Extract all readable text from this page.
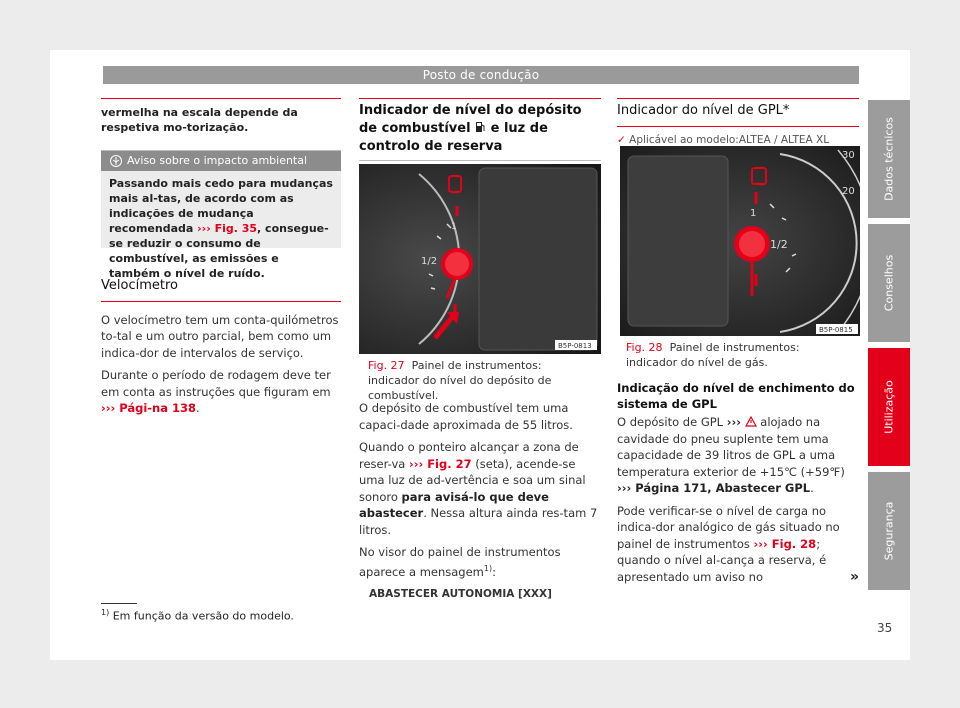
Posto de condução
Dados técnicos
Conselhos
Utilização
Segurança

vermelha na escala depende da respetiva mo-torização.

Aviso sobre o impacto ambiental
Passando mais cedo para mudanças mais al-tas, de acordo com as indicações de mudança recomendada ››› Fig. 35, consegue-se reduzir o consumo de combustível, as emissões e também o nível de ruído.
Velocímetro

O velocímetro tem um conta-quilómetros to-tal e um outro parcial, bem como um indica-dor de intervalos de serviço.

Durante o período de rodagem deve ter em conta as instruções que figuram em ››› Pági-na 138.

Indicador de nível do depósito de combustível e luz de controlo de reserva
1
1/2
B5P-0813
Fig. 27 Painel de instrumentos: indicador do nível do depósito de combustível.

O depósito de combustível tem uma capaci-dade aproximada de 55 litros.

Quando o ponteiro alcançar a zona de reser-va ››› Fig. 27 (seta), acende-se uma luz de ad-vertência e soa um sinal sonoro para avisá-lo que deve abastecer. Nessa altura ainda res-tam 7 litros.

No visor do painel de instrumentos aparece a mensagem$^{1)}$:

ABASTECER AUTONOMIA [XXX]

Indicador do nível de GPL*
✓ Aplicável ao modelo:ALTEA / ALTEA XL
1
1/2
30
20
B5P-0815
Fig. 28 Painel de instrumentos: indicador do nível de gás.
Indicação do nível de enchimento do sistema de GPL

O depósito de GPL ›››  alojado na cavidade do pneu suplente tem uma capacidade de 39 litros de GPL a uma temperatura exterior de +15℃ (+59℉) ››› Página 171, Abastecer GPL.

Pode verificar-se o nível de carga no indica-dor analógico de gás situado no painel de instrumentos ››› Fig. 28; quando o nível al-cança a reserva, é apresentado um aviso no	»

$^{1)}$ Em função da versão do modelo.
35
